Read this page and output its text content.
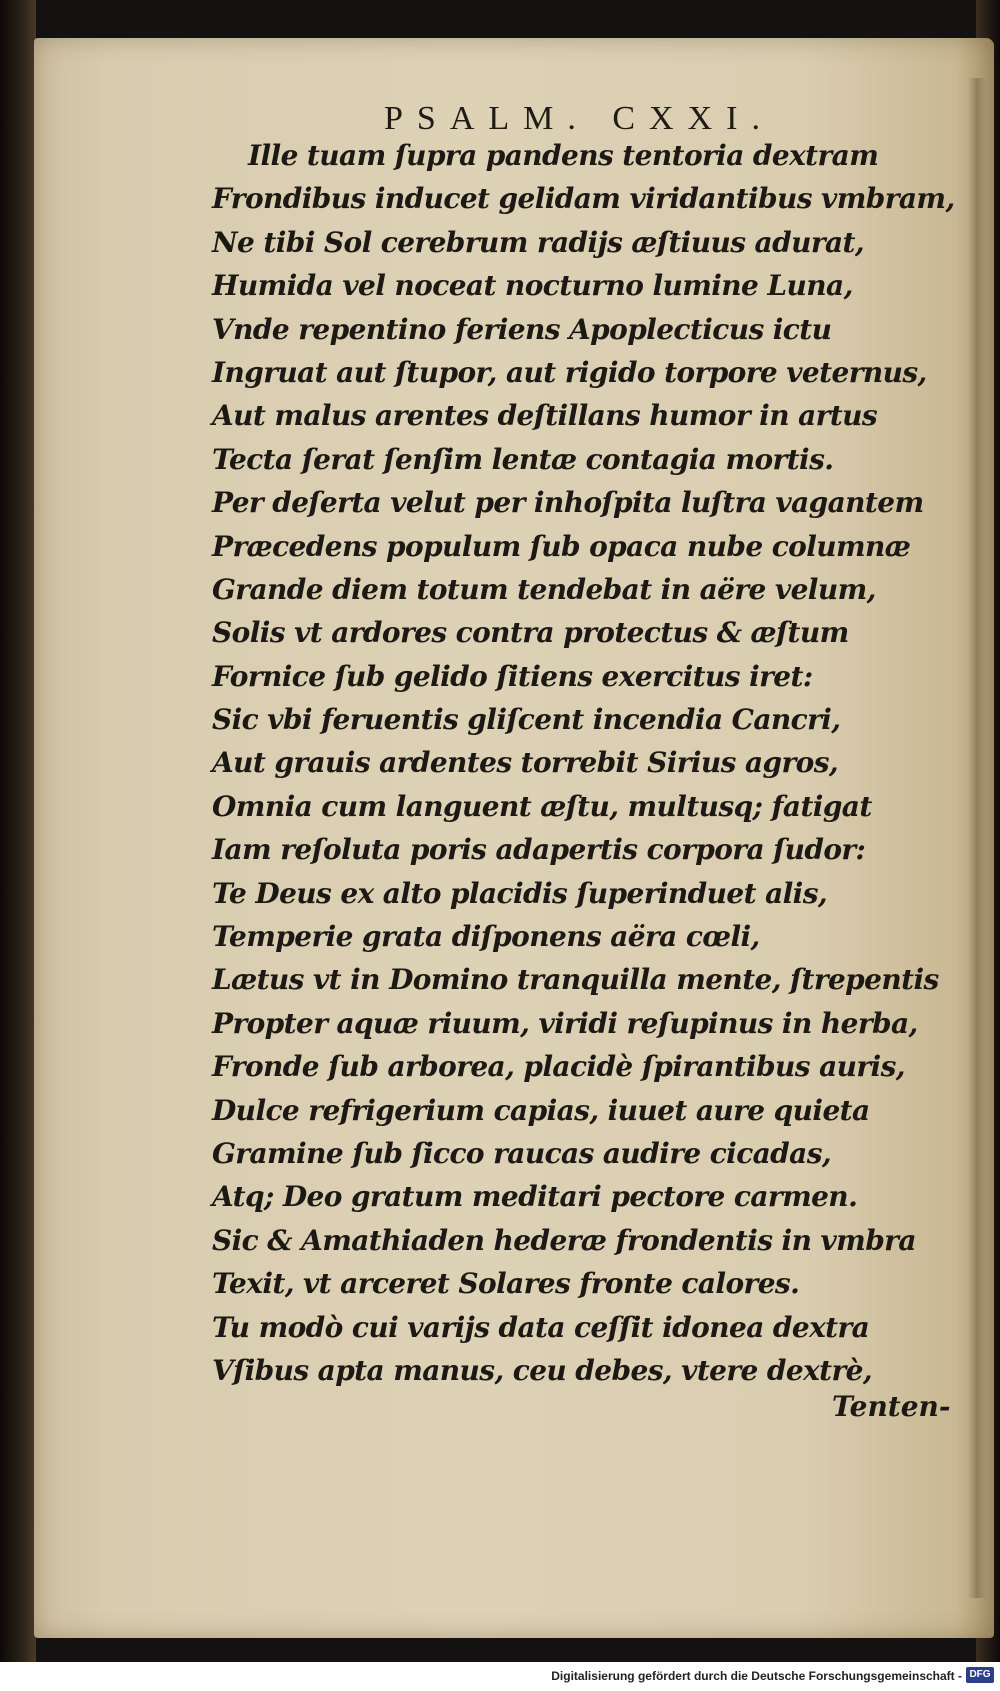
PSALM. CXXI.
Ille tuam ſupra pandens tentoria dextram
Frondibus inducet gelidam viridantibus vmbram,
Ne tibi Sol cerebrum radijs æſtiuus adurat,
Humida vel noceat nocturno lumine Luna,
Vnde repentino feriens Apoplecticus ictu
Ingruat aut ſtupor, aut rigido torpore veternus,
Aut malus arentes deſtillans humor in artus
Tecta ſerat ſenſim lentæ contagia mortis.
Per deſerta velut per inhoſpita luſtra vagantem
Præcedens populum ſub opaca nube columnæ
Grande diem totum tendebat in aëre velum,
Solis vt ardores contra protectus & æſtum
Fornice ſub gelido ſitiens exercitus iret:
Sic vbi feruentis gliſcent incendia Cancri,
Aut grauis ardentes torrebit Sirius agros,
Omnia cum languent æſtu, multusq; fatigat
Iam reſoluta poris adapertis corpora ſudor:
Te Deus ex alto placidis ſuperinduet alis,
Temperie grata diſponens aëra cœli,
Lætus vt in Domino tranquilla mente, ſtrepentis
Propter aquæ riuum, viridi reſupinus in herba,
Fronde ſub arborea, placidè ſpirantibus auris,
Dulce refrigerium capias, iuuet aure quieta
Gramine ſub ſicco raucas audire cicadas,
Atq; Deo gratum meditari pectore carmen.
Sic & Amathiaden hederæ frondentis in vmbra
Texit, vt arceret Solares fronte calores.
Tu modò cui varijs data ceſſit idonea dextra
Vſibus apta manus, ceu debes, vtere dextrè,
Tenten-
Digitalisierung gefördert durch die Deutsche Forschungsgemeinschaft - DFG
